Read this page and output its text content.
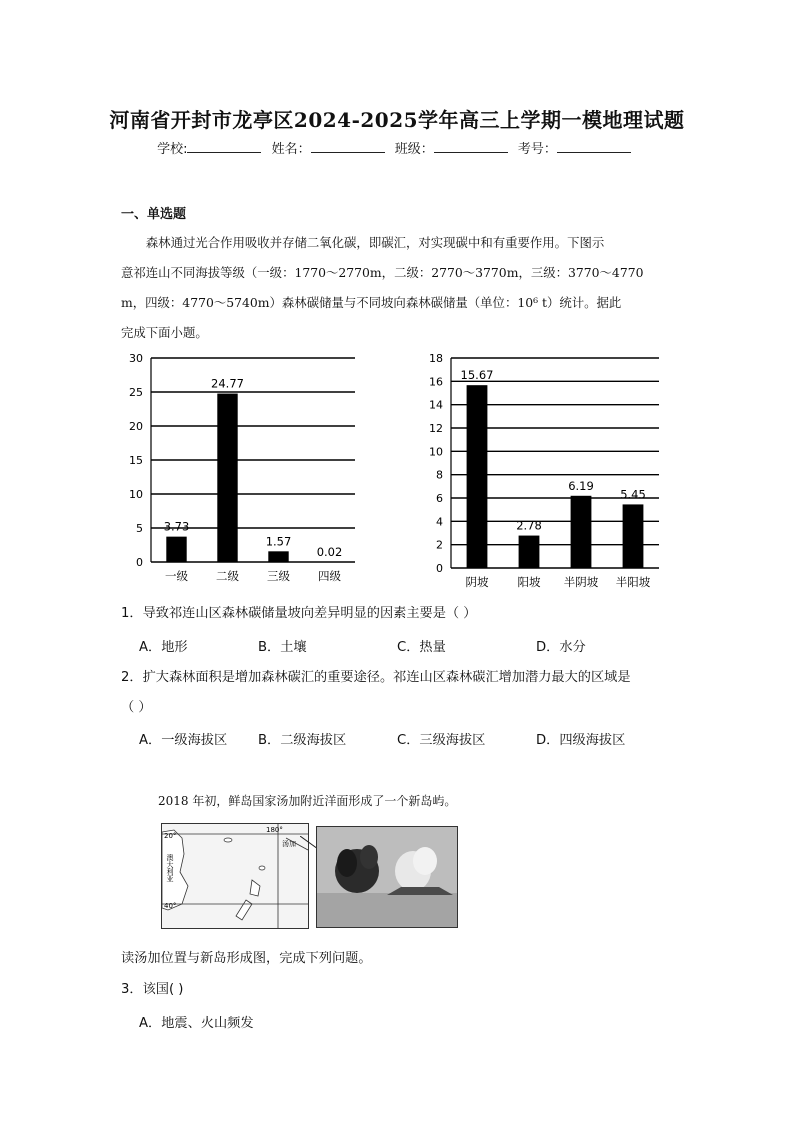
河南省开封市龙亭区2024-2025学年高三上学期一模地理试题
学校:	姓名：	班级：	考号：
一、单选题
森林通过光合作用吸收并存储二氧化碳，即碳汇，对实现碳中和有重要作用。下图示
意祁连山不同海拔等级（一级：1770～2770m，二级：2770～3770m，三级：3770～4770
m，四级：4770～5740m）森林碳储量与不同坡向森林碳储量（单位：10⁶ t）统计。据此
完成下面小题。
0
5
10
15
20
25
30
3.73
一级
24.77
二级
1.57
三级
0.02
四级
0
2
4
6
8
10
12
14
16
18
15.67
阴坡
2.78
阳坡
6.19
半阴坡
5.45
半阳坡
1．导致祁连山区森林碳储量坡向差异明显的因素主要是（ ）
A．地形	B．土壤	C．热量	D．水分
2．扩大森林面积是增加森林碳汇的重要途径。祁连山区森林碳汇增加潜力最大的区域是
（ ）
A．一级海拔区 B．二级海拔区	C．三级海拔区	D．四级海拔区
2018 年初，鲜岛国家汤加附近洋面形成了一个新岛屿。
20°
40°
180°
汤加
澳大利亚
读汤加位置与新岛形成图，完成下列问题。
3．该国( )
A．地震、火山频发
